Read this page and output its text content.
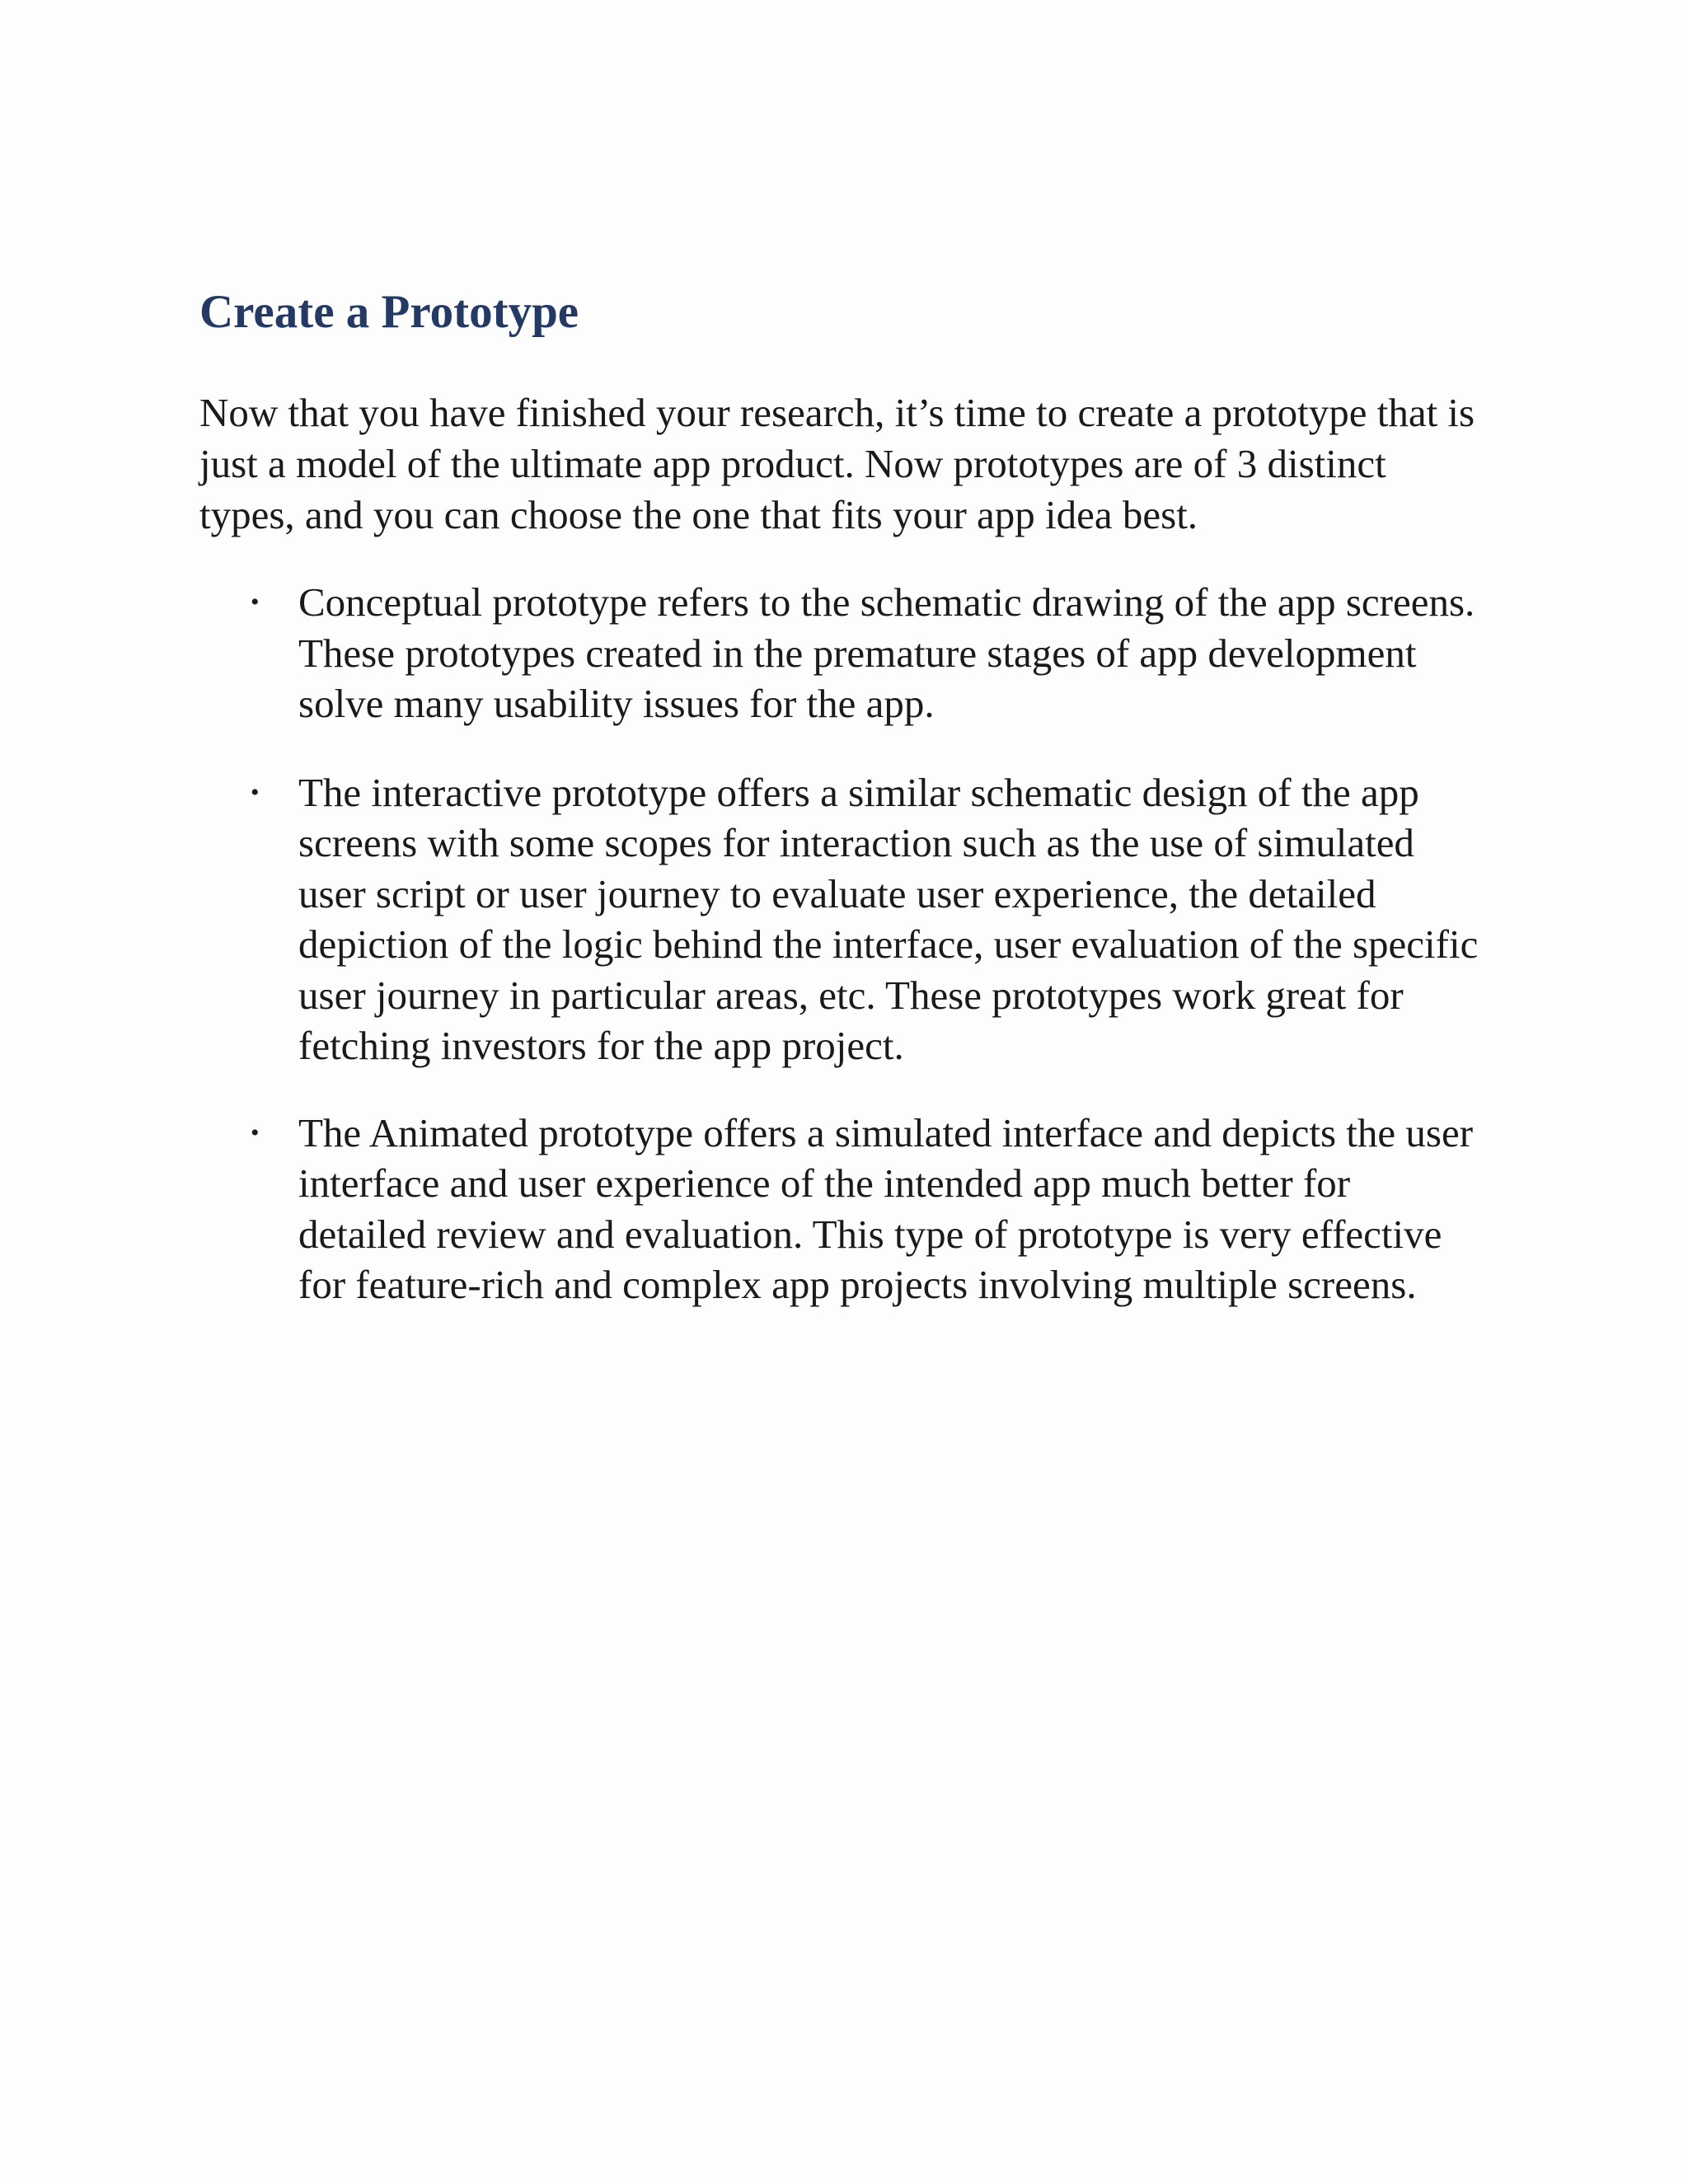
Create a Prototype

Now that you have finished your research, it’s time to create a prototype that is just a model of the ultimate app product. Now prototypes are of 3 distinct types, and you can choose the one that fits your app idea best.

• Conceptual prototype refers to the schematic drawing of the app screens. These prototypes created in the premature stages of app development solve many usability issues for the app.
• The interactive prototype offers a similar schematic design of the app screens with some scopes for interaction such as the use of simulated user script or user journey to evaluate user experience, the detailed depiction of the logic behind the interface, user evaluation of the specific user journey in particular areas, etc. These prototypes work great for fetching investors for the app project.
• The Animated prototype offers a simulated interface and depicts the user interface and user experience of the intended app much better for detailed review and evaluation. This type of prototype is very effective for feature-rich and complex app projects involving multiple screens.
